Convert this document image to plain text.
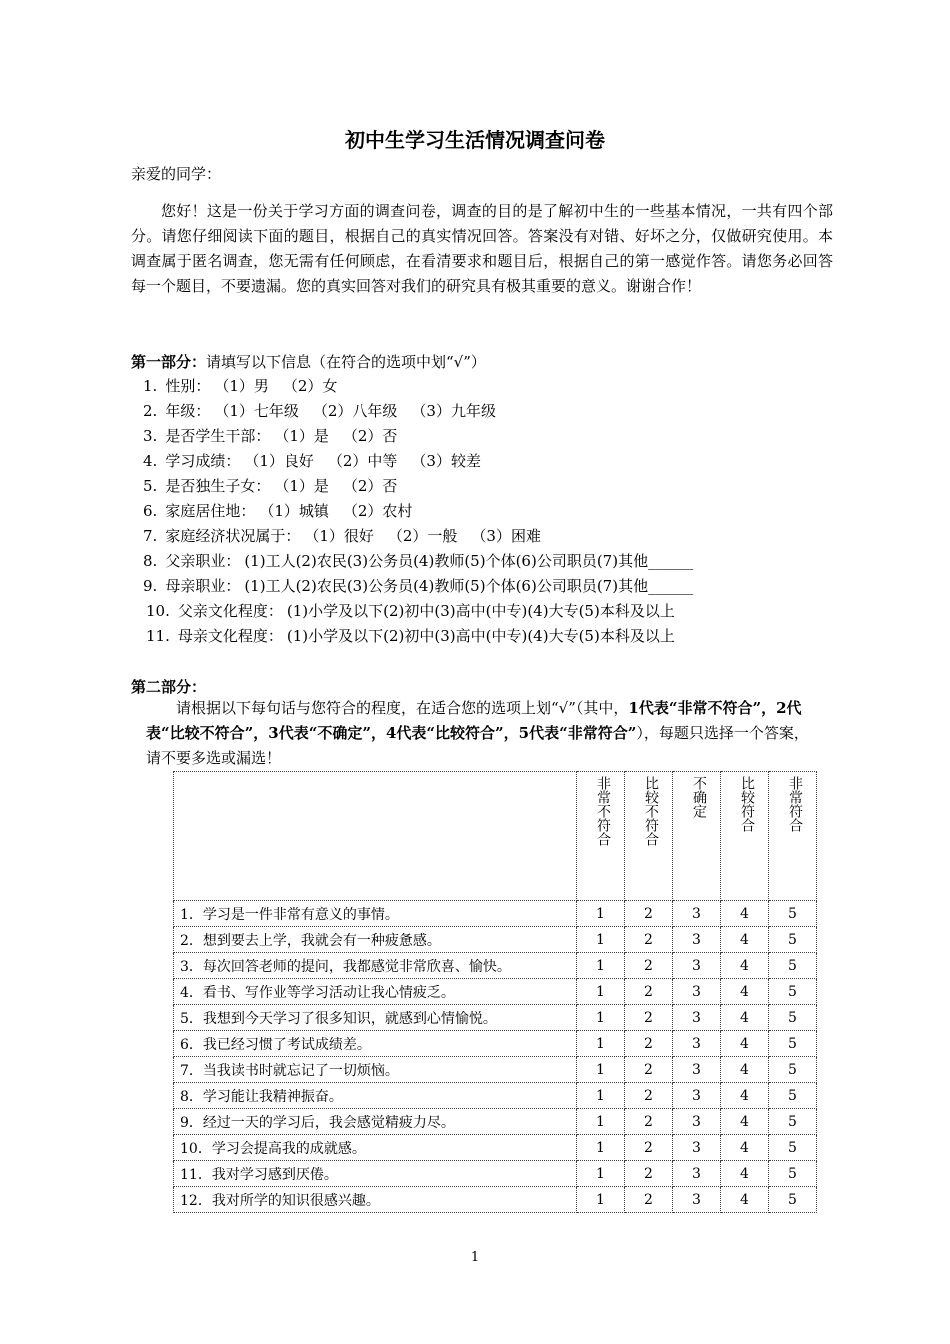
初中生学习生活情况调查问卷
亲爱的同学：
您好！这是一份关于学习方面的调查问卷，调查的目的是了解初中生的一些基本情况，一共有四个部分。请您仔细阅读下面的题目，根据自己的真实情况回答。答案没有对错、好坏之分，仅做研究使用。本调查属于匿名调查，您无需有任何顾虑，在看清要求和题目后，根据自己的第一感觉作答。请您务必回答每一个题目，不要遗漏。您的真实回答对我们的研究具有极其重要的意义。谢谢合作！
第一部分：请填写以下信息（在符合的选项中划“√”）
1. 性别： （1）男 （2）女
2. 年级： （1）七年级 （2）八年级 （3）九年级
3. 是否学生干部： （1）是 （2）否
4. 学习成绩： （1）良好 （2）中等 （3）较差
5. 是否独生子女： （1）是 （2）否
6. 家庭居住地： （1）城镇 （2）农村
7. 家庭经济状况属于： （1）很好 （2）一般 （3）困难
8. 父亲职业： (1)工人(2)农民(3)公务员(4)教师(5)个体(6)公司职员(7)其他______
9. 母亲职业： (1)工人(2)农民(3)公务员(4)教师(5)个体(6)公司职员(7)其他______
10. 父亲文化程度： (1)小学及以下(2)初中(3)高中(中专)(4)大专(5)本科及以上
11. 母亲文化程度： (1)小学及以下(2)初中(3)高中(中专)(4)大专(5)本科及以上
第二部分：
请根据以下每句话与您符合的程度，在适合您的选项上划“√”（其中，1代表“非常不符合”，2代表“比较不符合”，3代表“不确定”，4代表“比较符合”，5代表“非常符合”），每题只选择一个答案，请不要多选或漏选！
	非常不符合	比较不符合	不确定	比较符合	非常符合
1．学习是一件非常有意义的事情。	1	2	3	4	5
2．想到要去上学，我就会有一种疲惫感。	1	2	3	4	5
3．每次回答老师的提问，我都感觉非常欣喜、愉快。	1	2	3	4	5
4．看书、写作业等学习活动让我心情疲乏。	1	2	3	4	5
5．我想到今天学习了很多知识，就感到心情愉悦。	1	2	3	4	5
6．我已经习惯了考试成绩差。	1	2	3	4	5
7．当我读书时就忘记了一切烦恼。	1	2	3	4	5
8．学习能让我精神振奋。	1	2	3	4	5
9．经过一天的学习后，我会感觉精疲力尽。	1	2	3	4	5
10．学习会提高我的成就感。	1	2	3	4	5
11．我对学习感到厌倦。	1	2	3	4	5
12．我对所学的知识很感兴趣。	1	2	3	4	5
1
